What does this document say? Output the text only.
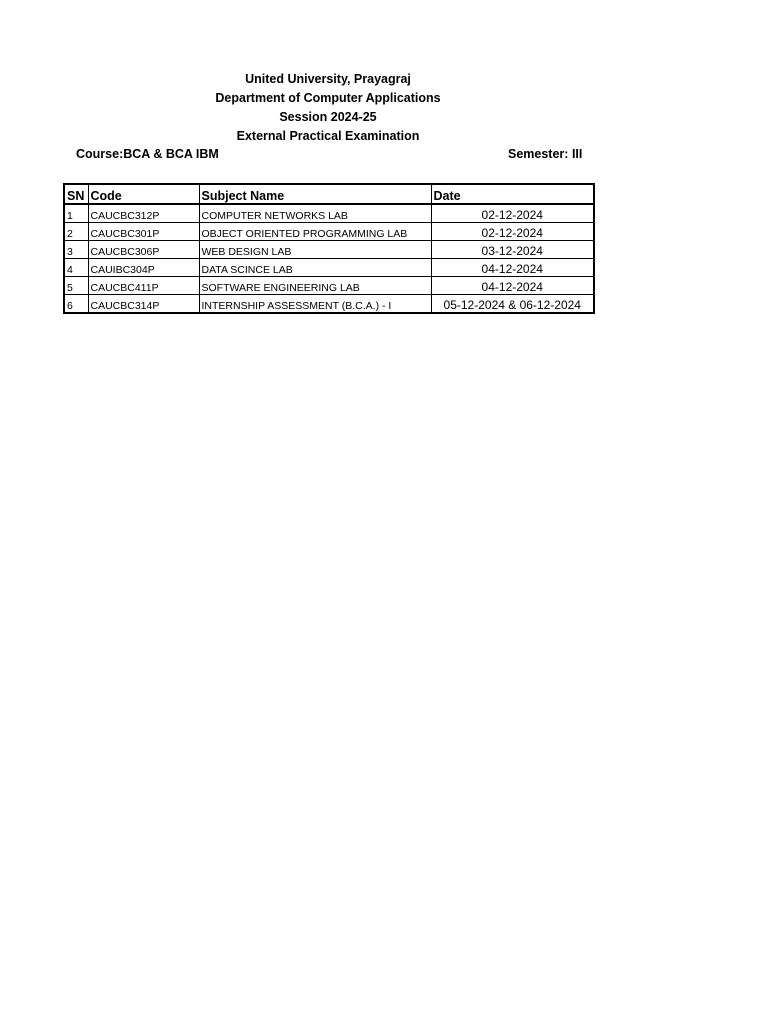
United University, Prayagraj
Department of Computer Applications
Session 2024-25
External Practical Examination
Course:BCA & BCA IBM	Semester: III
SN	Code	Subject Name	Date
1	CAUCBC312P	COMPUTER NETWORKS LAB	02-12-2024
2	CAUCBC301P	OBJECT ORIENTED PROGRAMMING LAB	02-12-2024
3	CAUCBC306P	WEB DESIGN LAB	03-12-2024
4	CAUIBC304P	DATA SCINCE LAB	04-12-2024
5	CAUCBC411P	SOFTWARE ENGINEERING LAB	04-12-2024
6	CAUCBC314P	INTERNSHIP ASSESSMENT (B.C.A.) - I	05-12-2024 & 06-12-2024
